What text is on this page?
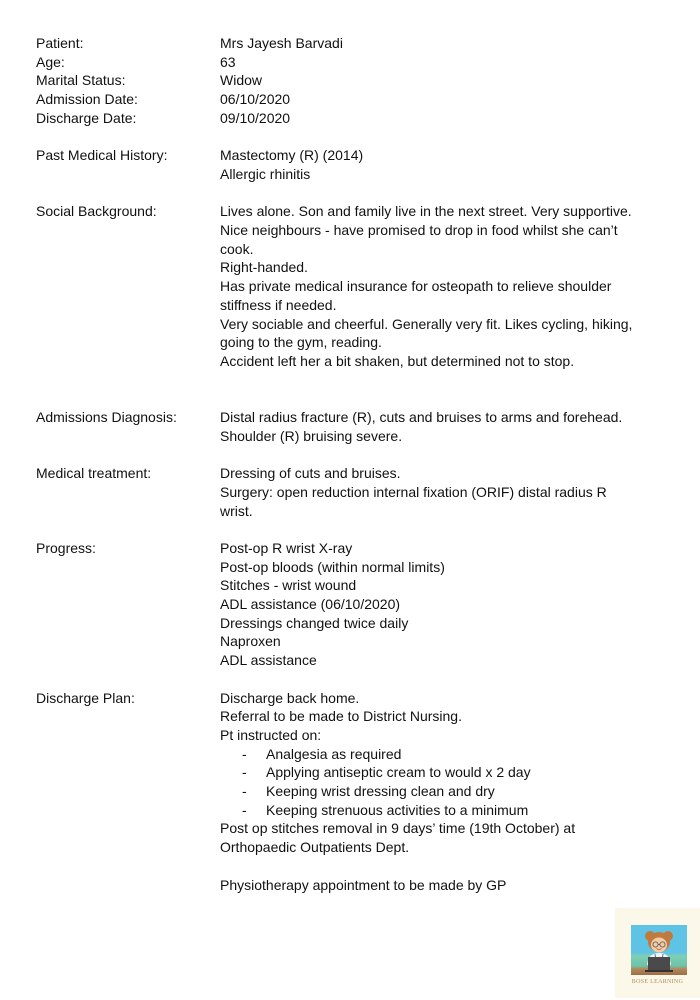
Patient:	Mrs Jayesh Barvadi
Age:	63
Marital Status:	Widow
Admission Date:	06/10/2020
Discharge Date:	09/10/2020
Past Medical History:	Mastectomy (R) (2014)
Allergic rhinitis
Social Background:	Lives alone. Son and family live in the next street. Very supportive.
Nice neighbours - have promised to drop in food whilst she can’t cook.
Right-handed.
Has private medical insurance for osteopath to relieve shoulder stiffness if needed.
Very sociable and cheerful. Generally very fit. Likes cycling, hiking, going to the gym, reading.
Accident left her a bit shaken, but determined not to stop.
Admissions Diagnosis:	Distal radius fracture (R), cuts and bruises to arms and forehead. Shoulder (R) bruising severe.
Medical treatment:	Dressing of cuts and bruises.
Surgery: open reduction internal fixation (ORIF) distal radius R wrist.
Progress:	Post-op R wrist X-ray
Post-op bloods (within normal limits)
Stitches - wrist wound
ADL assistance (06/10/2020)
Dressings changed twice daily
Naproxen
ADL assistance
Discharge Plan:	Discharge back home.
Referral to be made to District Nursing.
Pt instructed on:
-	Analgesia as required
-	Applying antiseptic cream to would x 2 day
-	Keeping wrist dressing clean and dry
-	Keeping strenuous activities to a minimum
Post op stitches removal in 9 days’ time (19th October) at Orthopaedic Outpatients Dept.
Physiotherapy appointment to be made by GP
BOSE LEARNING
